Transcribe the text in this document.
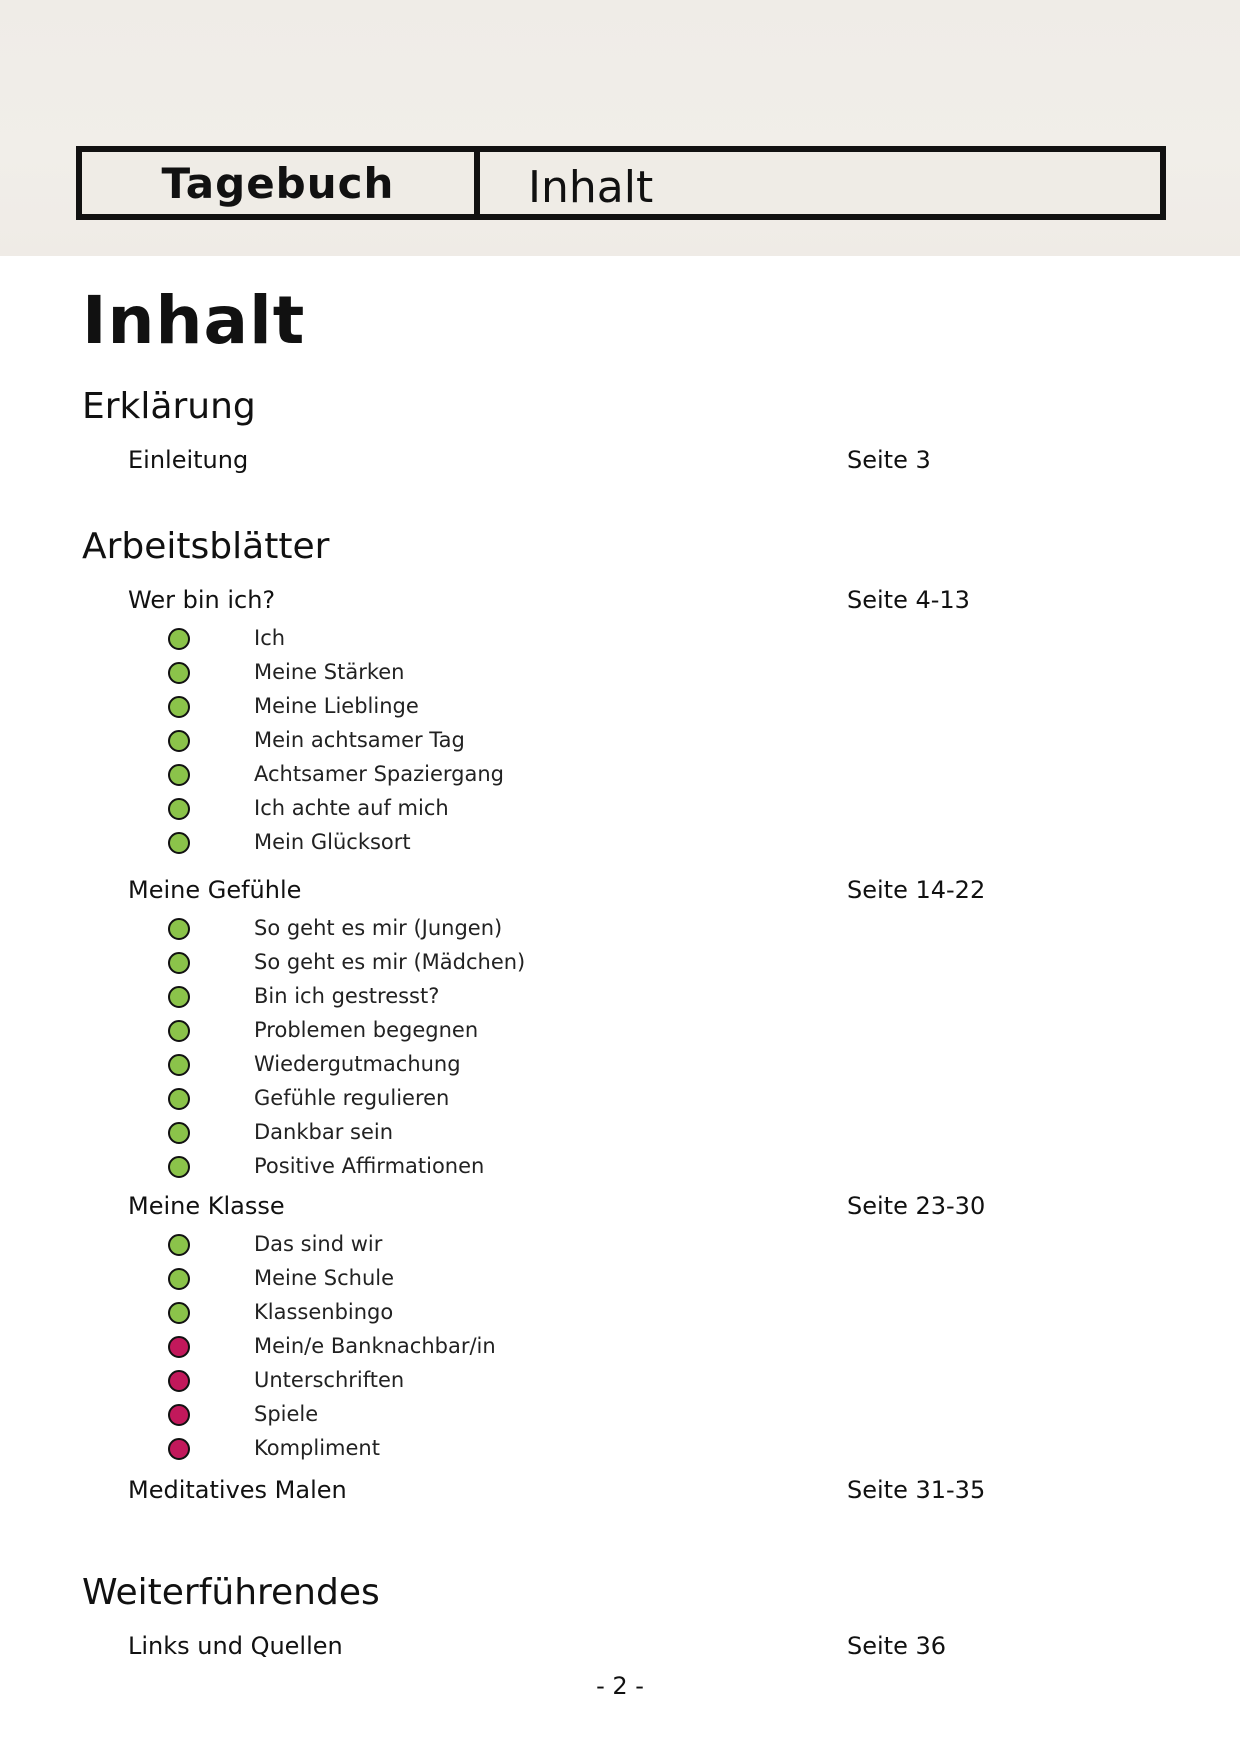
Tagebuch	Inhalt
Inhalt
Erklärung
Einleitung	Seite 3
Arbeitsblätter
Wer bin ich?	Seite 4-13
Ich
Meine Stärken
Meine Lieblinge
Mein achtsamer Tag
Achtsamer Spaziergang
Ich achte auf mich
Mein Glücksort
Meine Gefühle	Seite 14-22
So geht es mir (Jungen)
So geht es mir (Mädchen)
Bin ich gestresst?
Problemen begegnen
Wiedergutmachung
Gefühle regulieren
Dankbar sein
Positive Affirmationen
Meine Klasse	Seite 23-30
Das sind wir
Meine Schule
Klassenbingo
Mein/e Banknachbar/in
Unterschriften
Spiele
Kompliment
Meditatives Malen	Seite 31-35
Weiterführendes
Links und Quellen	Seite 36
- 2 -
